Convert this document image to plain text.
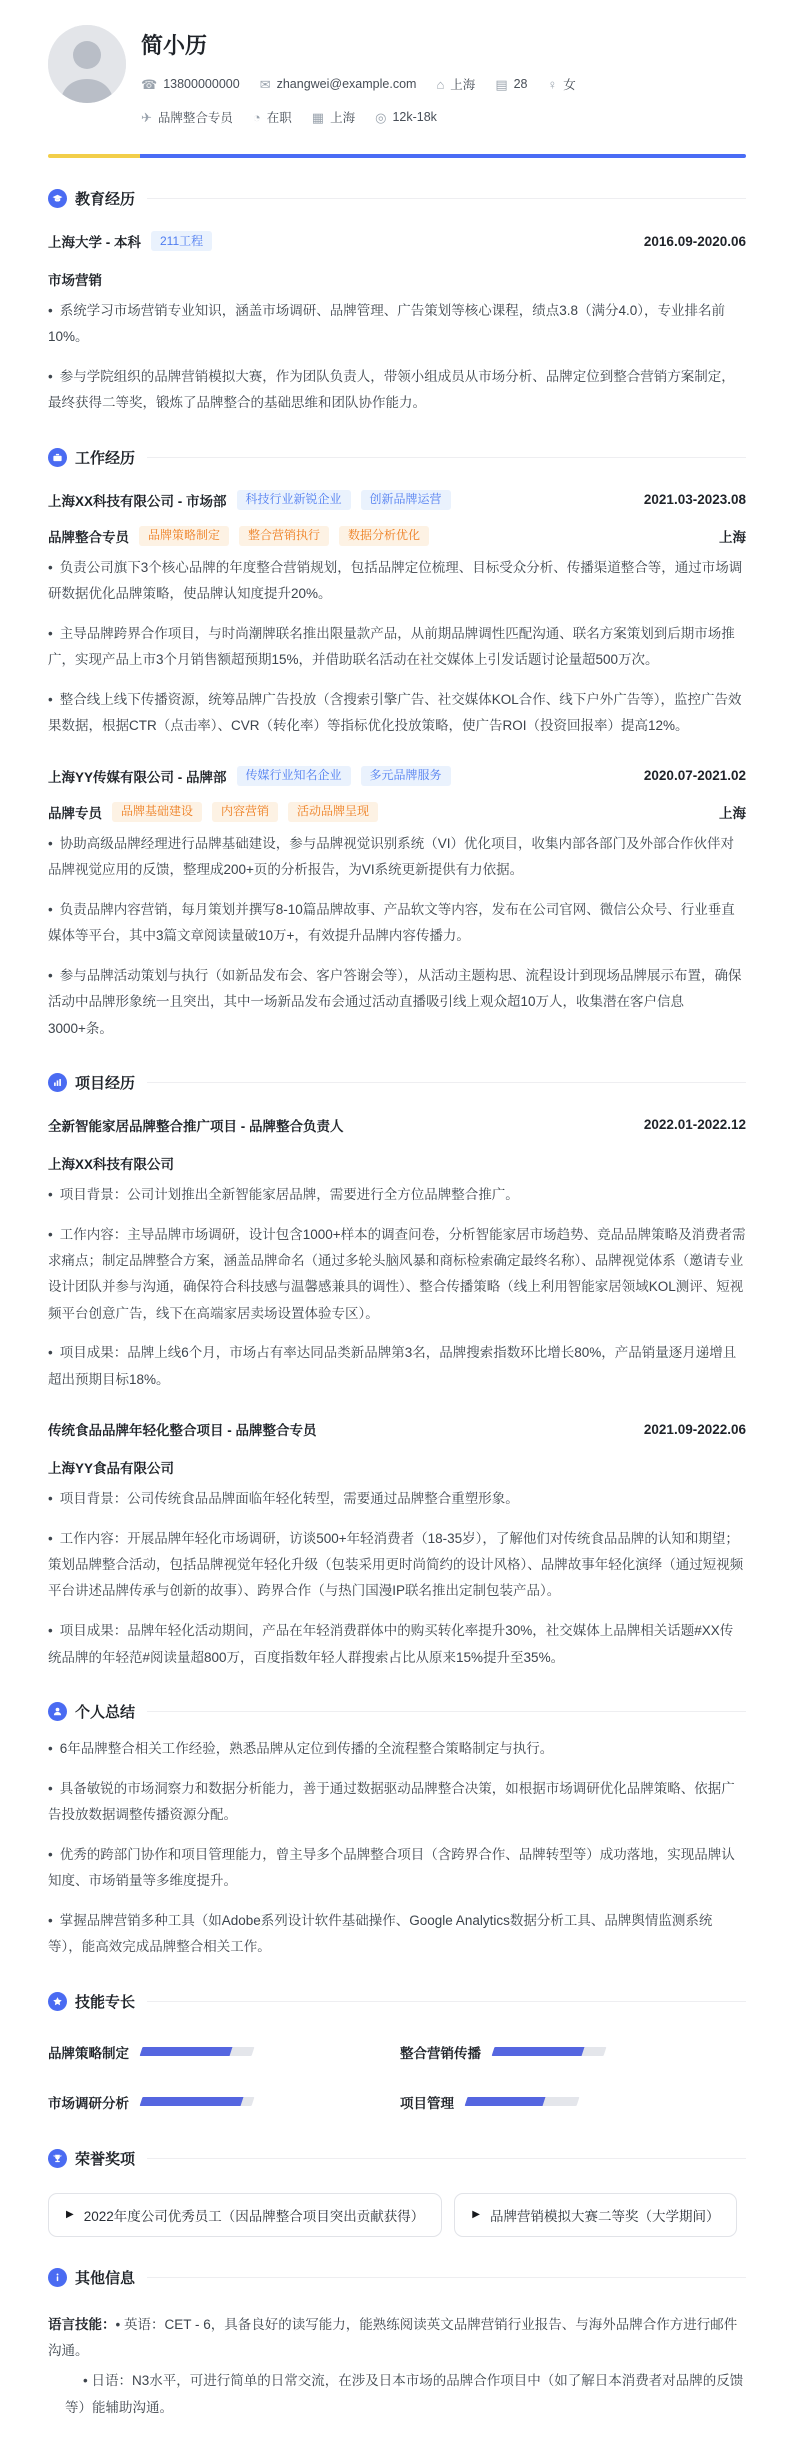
简小历
☎ 13800000000 ✉ zhangwei@example.com ⌂ 上海 ▤ 28 ♀ 女
✈ 品牌整合专员 ◔ 在职 ▦ 上海 ◎ 12k-18k
教育经历
上海大学 - 本科	211工程	2016.09-2020.06
市场营销

• 系统学习市场营销专业知识，涵盖市场调研、品牌管理、广告策划等核心课程，绩点3.8（满分4.0），专业排名前10%。

• 参与学院组织的品牌营销模拟大赛，作为团队负责人，带领小组成员从市场分析、品牌定位到整合营销方案制定，最终获得二等奖，锻炼了品牌整合的基础思维和团队协作能力。

工作经历
上海XX科技有限公司 - 市场部	科技行业新锐企业	创新品牌运营	2021.03-2023.08
品牌整合专员	品牌策略制定	整合营销执行	数据分析优化	上海

• 负责公司旗下3个核心品牌的年度整合营销规划，包括品牌定位梳理、目标受众分析、传播渠道整合等，通过市场调研数据优化品牌策略，使品牌认知度提升20%。

• 主导品牌跨界合作项目，与时尚潮牌联名推出限量款产品，从前期品牌调性匹配沟通、联名方案策划到后期市场推广，实现产品上市3个月销售额超预期15%，并借助联名活动在社交媒体上引发话题讨论量超500万次。

• 整合线上线下传播资源，统筹品牌广告投放（含搜索引擎广告、社交媒体KOL合作、线下户外广告等），监控广告效果数据，根据CTR（点击率）、CVR（转化率）等指标优化投放策略，使广告ROI（投资回报率）提高12%。

上海YY传媒有限公司 - 品牌部	传媒行业知名企业	多元品牌服务	2020.07-2021.02
品牌专员	品牌基础建设	内容营销	活动品牌呈现	上海

• 协助高级品牌经理进行品牌基础建设，参与品牌视觉识别系统（VI）优化项目，收集内部各部门及外部合作伙伴对品牌视觉应用的反馈，整理成200+页的分析报告，为VI系统更新提供有力依据。

• 负责品牌内容营销，每月策划并撰写8-10篇品牌故事、产品软文等内容，发布在公司官网、微信公众号、行业垂直媒体等平台，其中3篇文章阅读量破10万+，有效提升品牌内容传播力。

• 参与品牌活动策划与执行（如新品发布会、客户答谢会等），从活动主题构思、流程设计到现场品牌展示布置，确保活动中品牌形象统一且突出，其中一场新品发布会通过活动直播吸引线上观众超10万人，收集潜在客户信息3000+条。

项目经历
全新智能家居品牌整合推广项目 - 品牌整合负责人	2022.01-2022.12
上海XX科技有限公司

• 项目背景：公司计划推出全新智能家居品牌，需要进行全方位品牌整合推广。

• 工作内容：主导品牌市场调研，设计包含1000+样本的调查问卷，分析智能家居市场趋势、竞品品牌策略及消费者需求痛点；制定品牌整合方案，涵盖品牌命名（通过多轮头脑风暴和商标检索确定最终名称）、品牌视觉体系（邀请专业设计团队并参与沟通，确保符合科技感与温馨感兼具的调性）、整合传播策略（线上利用智能家居领域KOL测评、短视频平台创意广告，线下在高端家居卖场设置体验专区）。

• 项目成果：品牌上线6个月，市场占有率达同品类新品牌第3名，品牌搜索指数环比增长80%，产品销量逐月递增且超出预期目标18%。

传统食品品牌年轻化整合项目 - 品牌整合专员	2021.09-2022.06
上海YY食品有限公司

• 项目背景：公司传统食品品牌面临年轻化转型，需要通过品牌整合重塑形象。

• 工作内容：开展品牌年轻化市场调研，访谈500+年轻消费者（18-35岁），了解他们对传统食品品牌的认知和期望；策划品牌整合活动，包括品牌视觉年轻化升级（包装采用更时尚简约的设计风格）、品牌故事年轻化演绎（通过短视频平台讲述品牌传承与创新的故事）、跨界合作（与热门国漫IP联名推出定制包装产品）。

• 项目成果：品牌年轻化活动期间，产品在年轻消费群体中的购买转化率提升30%，社交媒体上品牌相关话题#XX传统品牌的年轻范#阅读量超800万，百度指数年轻人群搜索占比从原来15%提升至35%。

个人总结

• 6年品牌整合相关工作经验，熟悉品牌从定位到传播的全流程整合策略制定与执行。

• 具备敏锐的市场洞察力和数据分析能力，善于通过数据驱动品牌整合决策，如根据市场调研优化品牌策略、依据广告投放数据调整传播资源分配。

• 优秀的跨部门协作和项目管理能力，曾主导多个品牌整合项目（含跨界合作、品牌转型等）成功落地，实现品牌认知度、市场销量等多维度提升。

• 掌握品牌营销多种工具（如Adobe系列设计软件基础操作、Google Analytics数据分析工具、品牌舆情监测系统等），能高效完成品牌整合相关工作。

技能专长
品牌策略制定	整合营销传播
市场调研分析	项目管理
荣誉奖项
▶ 2022年度公司优秀员工（因品牌整合项目突出贡献获得）	▶ 品牌营销模拟大赛二等奖（大学期间）
其他信息

语言技能：• 英语：CET - 6，具备良好的读写能力，能熟练阅读英文品牌营销行业报告、与海外品牌合作方进行邮件沟通。

• 日语：N3水平，可进行简单的日常交流，在涉及日本市场的品牌合作项目中（如了解日本消费者对品牌的反馈等）能辅助沟通。
